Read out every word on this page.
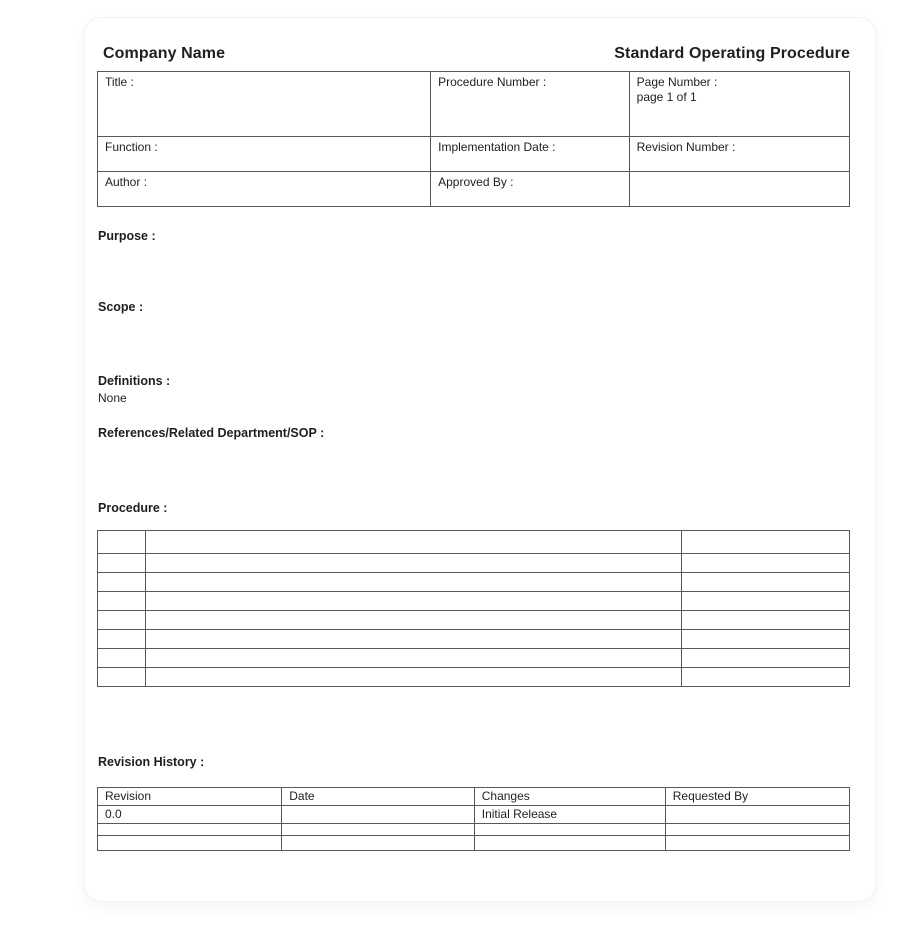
Company Name	Standard Operating Procedure
Title :	Procedure Number :	Page Number :
page 1 of 1

Function :	Implementation Date :	Revision Number :
Author :	Approved By :	
Purpose :
Scope :
Definitions :
None
References/Related Department/SOP :
Procedure :

Revision History :
Revision	Date	Changes	Requested By
0.0		Initial Release	
